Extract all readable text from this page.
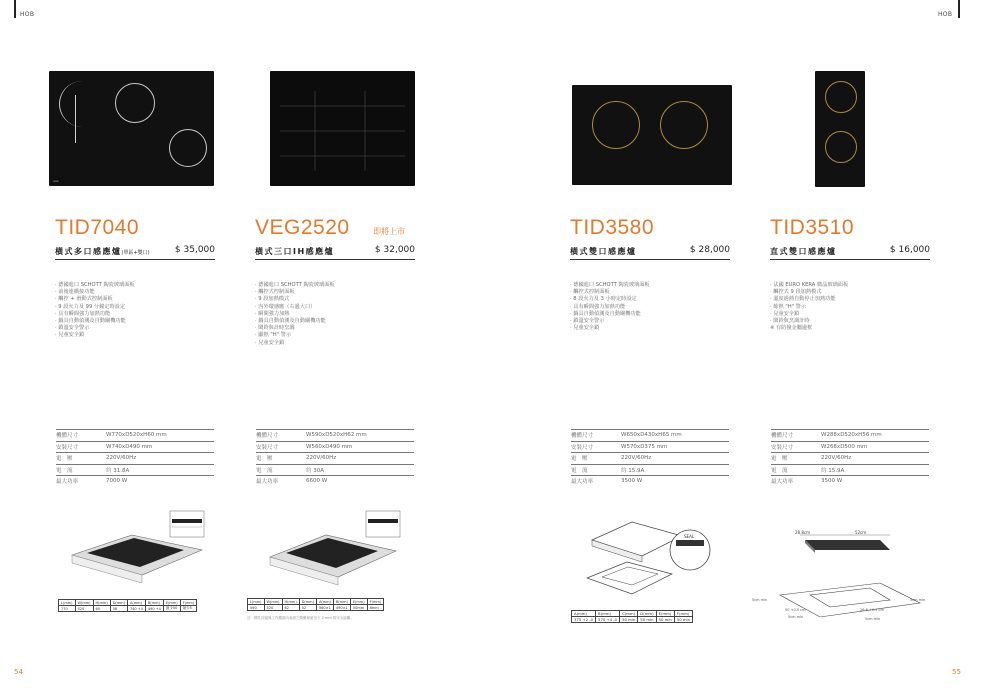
HOB	HOB
54	55
aaa
TID7040
橫式多口感應爐(單區+雙口)	$ 35,000
· 德國進口 SCHOTT 陶瓷玻璃面板
· 前後連橋接功能
· 觸控 + 滑動式控制面板
· 9 段火力及 99 分鐘定時設定
· 具有瞬間強力加熱功能
· 鍋具自動偵測及自動關機功能
· 鎖溫安全警示
· 兒童安全鎖
機體尺寸	W770xD520xH60 mm
安裝尺寸	W740xD490 mm
電　壓	220V/60Hz
電　流	約 31.8A
最大功率	7000 W
L(mm)	W(mm)	H(mm)	D(mm)	A(mm)	B(mm)	E(mm)	F(mm)
770	520	60	58	740 +4	490 +4	最少50	最少5
VEG2520	即將上市
橫式三口IH感應爐	$ 32,000
· 德國進口 SCHOTT 陶瓷玻璃面板
· 觸控式控制面板
· 9 段加熱模式
· 內外環感應（右邊大口）
· 瞬間強力加熱
· 鍋具自動偵測及自動關機功能
· 鬧鈴與計時烹調
· 顯熱 "H" 警示
· 兒童安全鎖
機體尺寸	W590xD520xH62 mm
安裝尺寸	W560xD490 mm
電　壓	220V/60Hz
電　流	約 30A
最大功率	6600 W
L(mm)	W(mm)	H(mm)	D(mm)	A(mm)	B(mm)	E(mm)	F(mm)
590	520	62	52	560±1	490±1	50mm	8mm
註：開孔四邊與工作檯面內表面之間應保留至少 2 mm 的安全距離。
TID3580
橫式雙口感應爐	$ 28,000
· 德國進口 SCHOTT 陶瓷玻璃面板
· 觸控式控制面板
· 8 段火力及 3 小時定時設定
· 具有瞬間強力加熱功能
· 鍋具自動偵測及自動關機功能
· 鎖溫安全警示
· 兒童安全鎖
機體尺寸	W650xD430xH65 mm
安裝尺寸	W570xD375 mm
電　壓	220V/60Hz
電　流	約 15.9A
最大功率	3500 W
SEAL
A(mm)	B(mm)	C(mm)	D(mm)	E(mm)	F(mm)
375 +2 -0	570 +4 -0	50 min	50 min	50 min	50 min
TID3510
直式雙口感應爐	$ 16,000
· 法國 EURO KERA 微晶玻璃面板
· 觸控式 9 段加熱模式
· 溫度過熱自動停止加熱功能
· 餘熱 "H" 警示
· 兒童安全鎖
· 鬧鈴與烹調計時
※ 有防撞金屬邊框
機體尺寸	W288xD520xH56 mm
安裝尺寸	W268xD500 mm
電　壓	220V/60Hz
電　流	約 15.9A
最大功率	3500 W
28.8cm	52cm
5cm min	5cm min
26.8 +0.5 cm
50 +0.5 cm
5cm min	5cm min
